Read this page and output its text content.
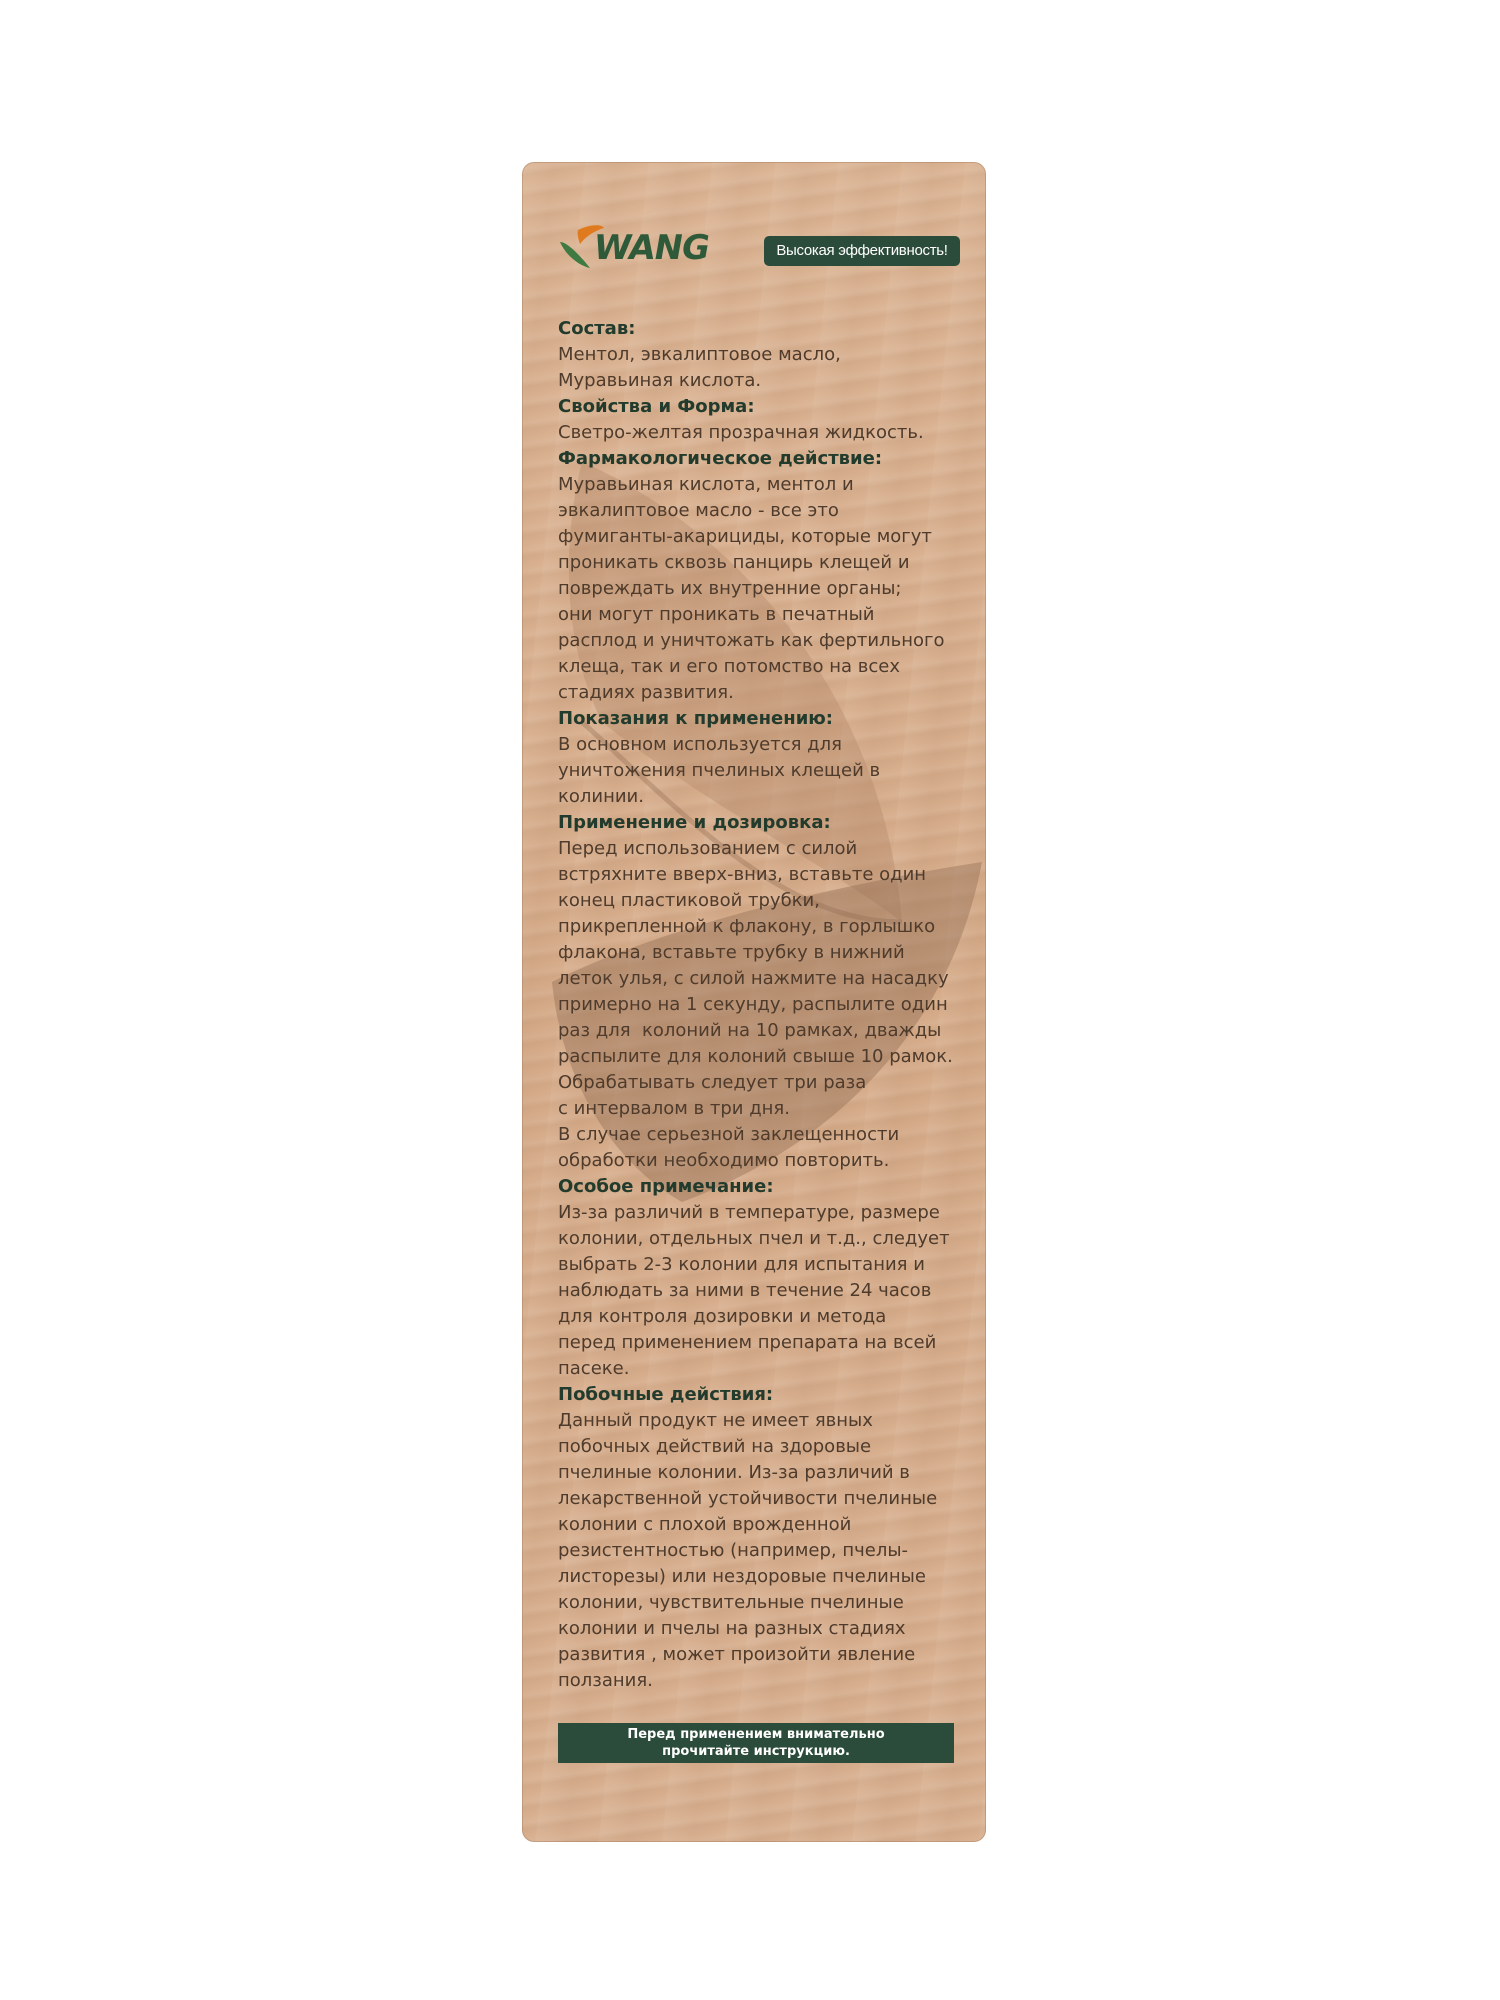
WANG	Высокая эффективность!
Состав:

Ментол, эвкалиптовое масло,

Муравьиная кислота.

Свойства и Форма:

Светро-желтая прозрачная жидкость.

Фармакологическое действие:

Муравьиная кислота, ментол и

эвкалиптовое масло - все это

фумиганты-акарициды, которые могут

проникать сквозь панцирь клещей и

повреждать их внутренние органы;

они могут проникать в печатный

расплод и уничтожать как фертильного

клеща, так и его потомство на всех

стадиях развития.

Показания к применению:

В основном используется для

уничтожения пчелиных клещей в

колинии.

Применение и дозировка:

Перед использованием с силой

встряхните вверх-вниз, вставьте один

конец пластиковой трубки,

прикрепленной к флакону, в горлышко

флакона, вставьте трубку в нижний

леток улья, с силой нажмите на насадку

примерно на 1 секунду, распылите один

раз для  колоний на 10 рамках, дважды

распылите для колоний свыше 10 рамок.

Обрабатывать следует три раза

с интервалом в три дня.

В случае серьезной заклещенности

обработки необходимо повторить.

Особое примечание:

Из-за различий в температуре, размере

колонии, отдельных пчел и т.д., следует

выбрать 2-3 колонии для испытания и

наблюдать за ними в течение 24 часов

для контроля дозировки и метода

перед применением препарата на всей

пасеке.

Побочные действия:

Данный продукт не имеет явных

побочных действий на здоровые

пчелиные колонии. Из-за различий в

лекарственной устойчивости пчелиные

колонии с плохой врожденной

резистентностью (например, пчелы-

листорезы) или нездоровые пчелиные

колонии, чувствительные пчелиные

колонии и пчелы на разных стадиях

развития , может произойти явление

ползания.

Перед применением внимательно
прочитайте инструкцию.
